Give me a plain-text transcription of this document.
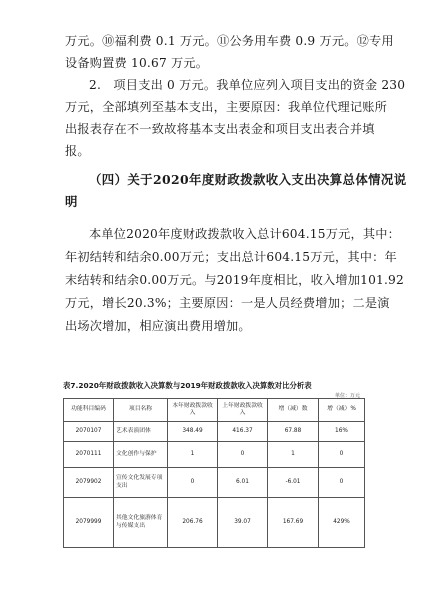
万元。⑩福利费 0.1 万元。⑪公务用车费 0.9 万元。⑫专用
设备购置费 10.67 万元。
2.　项目支出 0 万元。我单位应列入项目支出的资金 230
万元，全部填列至基本支出，主要原因：我单位代理记账所
出报表存在不一致故将基本支出表金和项目支出表合并填
报。
（四）关于2020年度财政拨款收入支出决算总体情况说
明
本单位2020年度财政拨款收入总计604.15万元，其中：
年初结转和结余0.00万元；支出总计604.15万元，其中：年
末结转和结余0.00万元。与2019年度相比，收入增加101.92
万元，增长20.3%；主要原因：一是人员经费增加；二是演
出场次增加，相应演出费用增加。
表7.2020年财政拨款收入决算数与2019年财政拨款收入决算数对比分析表
单位：万元
功能科目编码	项目名称	本年财政拨款收入	上年财政拨款收入	增（减）数	增（减）%
2070107	艺术表演团体	348.49	416.37	67.88	16%
2070111	文化创作与保护	1	0	1	0
2079902	宣传文化发展专项支出	0	6.01	-6.01	0
2079999	其他文化旅游体育与传媒支出	206.76	39.07	167.69	429%
